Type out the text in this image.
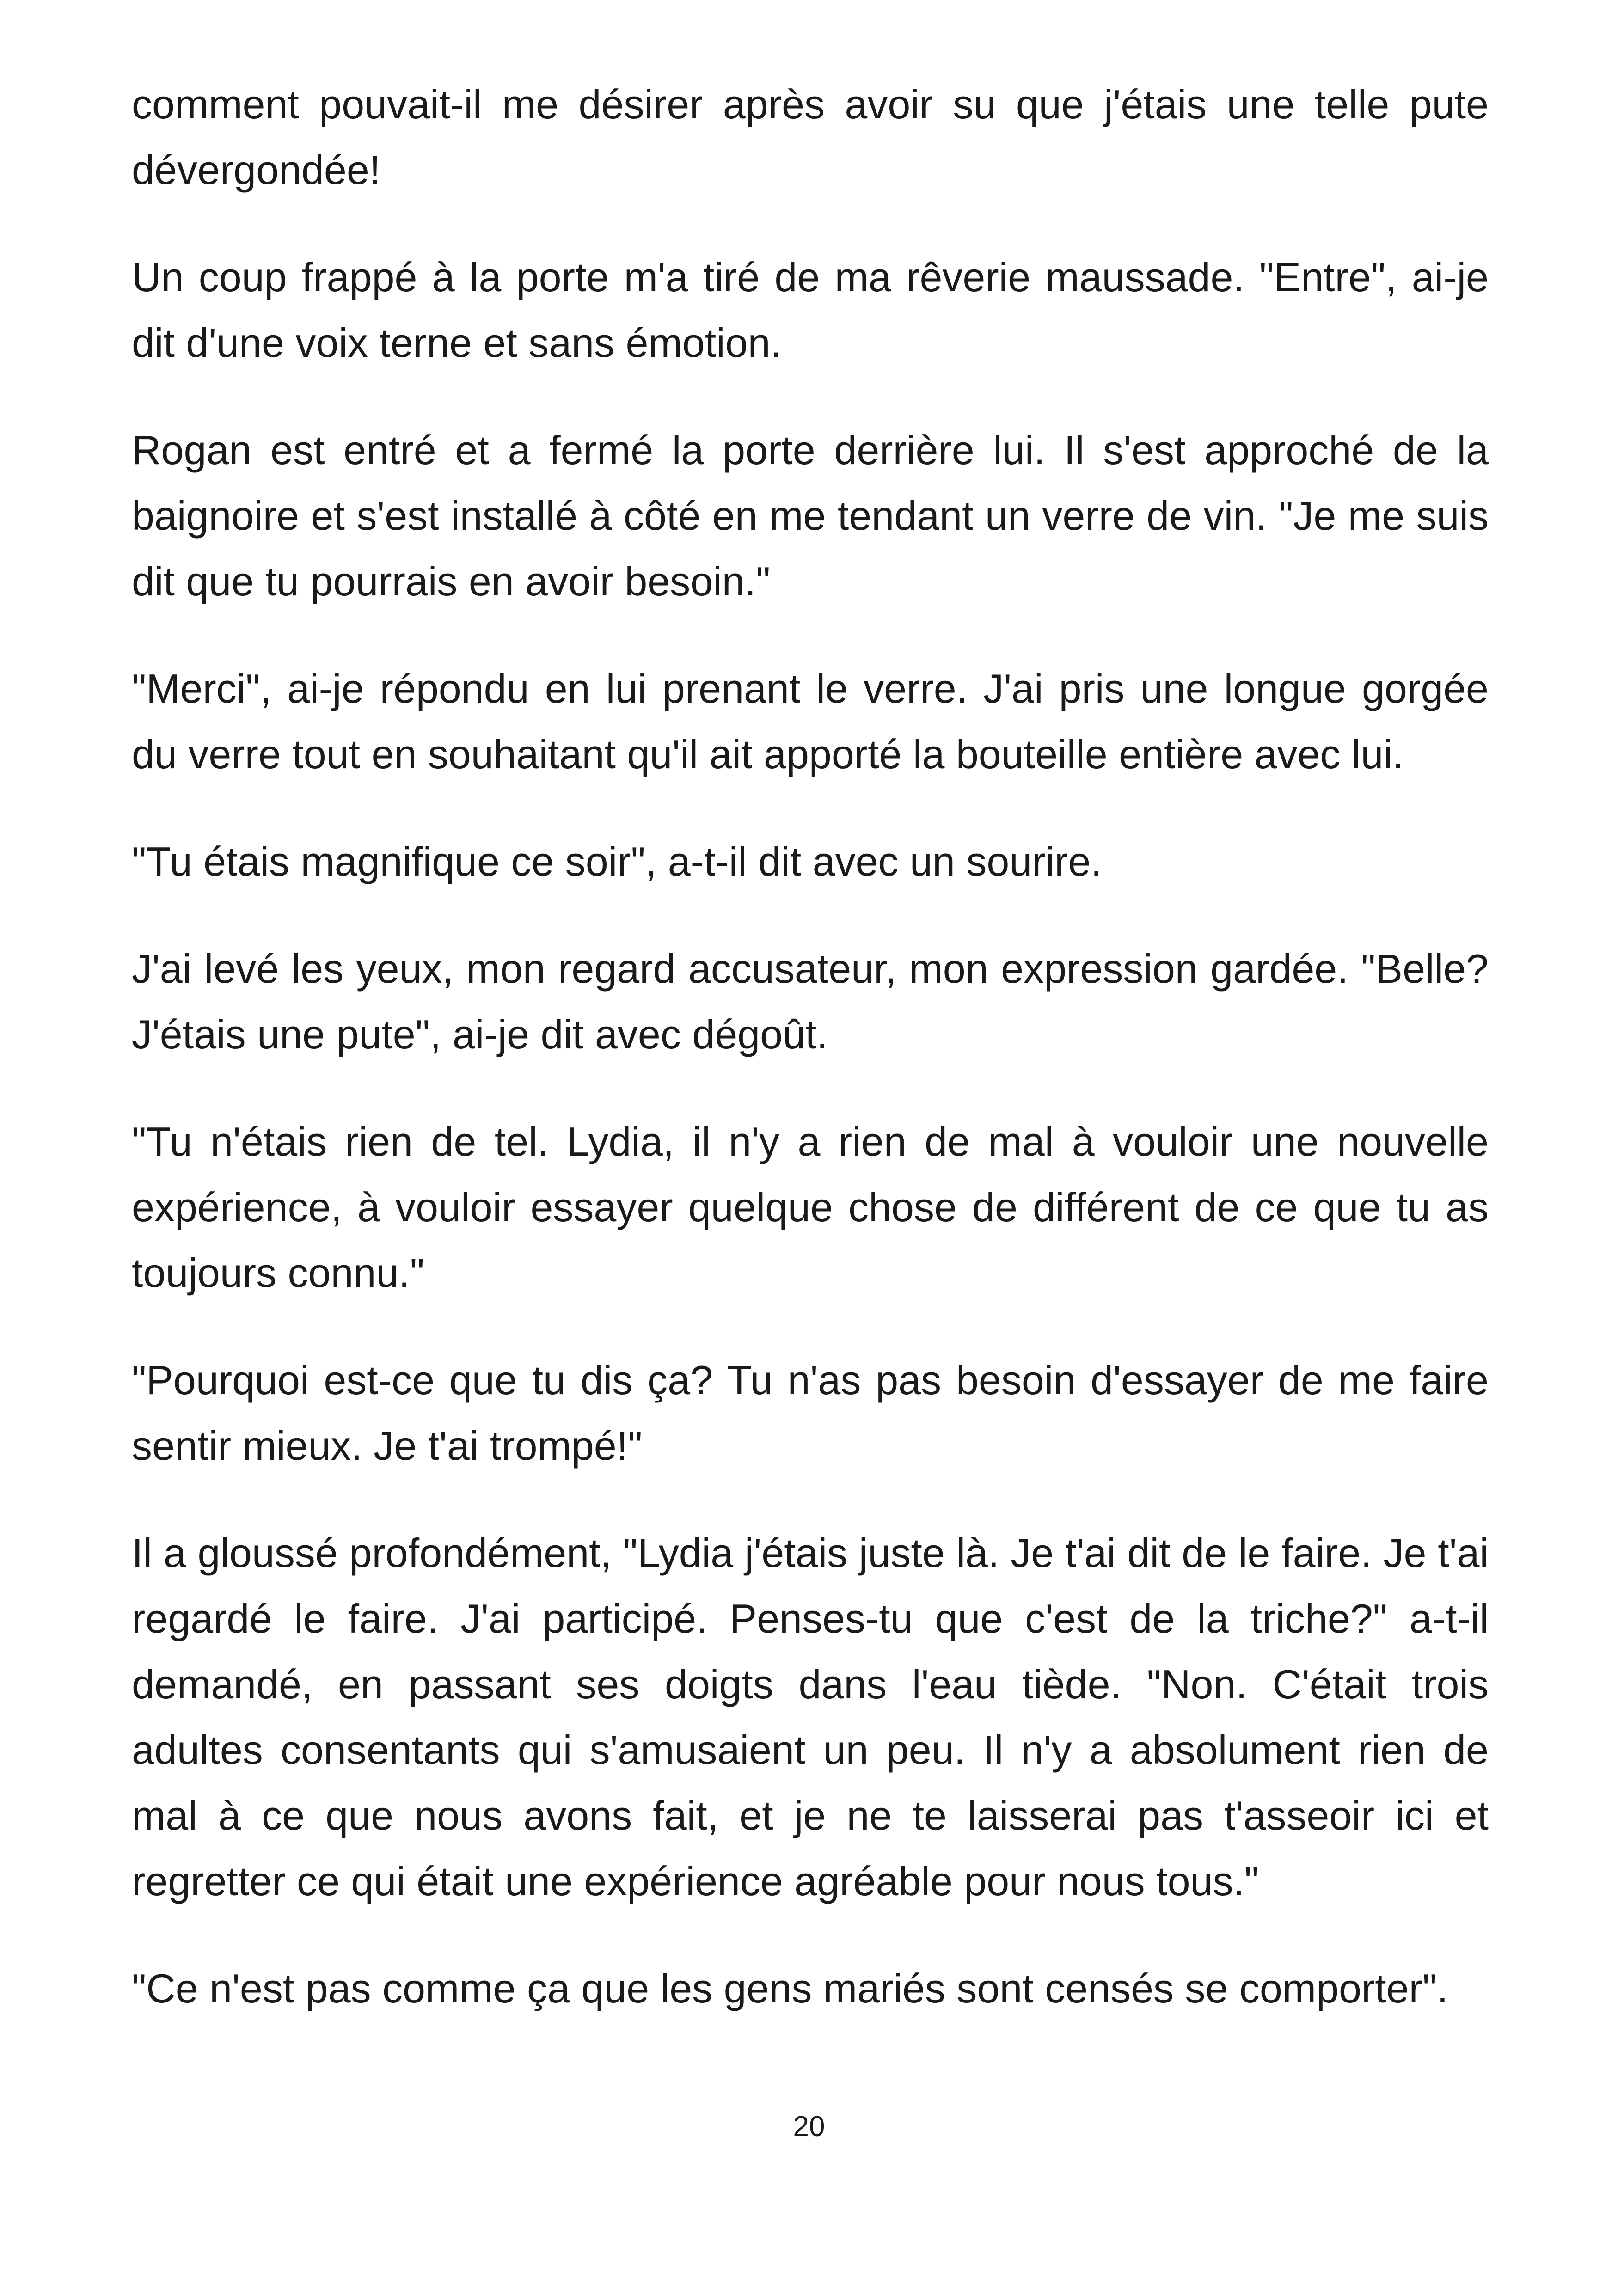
comment pouvait-il me désirer après avoir su que j'étais une telle pute dévergondée!

Un coup frappé à la porte m'a tiré de ma rêverie maussade. "Entre", ai-je dit d'une voix terne et sans émotion.

Rogan est entré et a fermé la porte derrière lui. Il s'est approché de la baignoire et s'est installé à côté en me tendant un verre de vin. "Je me suis dit que tu pourrais en avoir besoin."

"Merci", ai-je répondu en lui prenant le verre. J'ai pris une longue gorgée du verre tout en souhaitant qu'il ait apporté la bouteille entière avec lui.

"Tu étais magnifique ce soir", a-t-il dit avec un sourire.

J'ai levé les yeux, mon regard accusateur, mon expression gardée. "Belle? J'étais une pute", ai-je dit avec dégoût.

"Tu n'étais rien de tel. Lydia, il n'y a rien de mal à vouloir une nouvelle expérience, à vouloir essayer quelque chose de différent de ce que tu as toujours connu."

"Pourquoi est-ce que tu dis ça? Tu n'as pas besoin d'essayer de me faire sentir mieux. Je t'ai trompé!"

Il a gloussé profondément, "Lydia j'étais juste là. Je t'ai dit de le faire. Je t'ai regardé le faire. J'ai participé. Penses-tu que c'est de la triche?" a-t-il demandé, en passant ses doigts dans l'eau tiède. "Non. C'était trois adultes consentants qui s'amusaient un peu. Il n'y a absolument rien de mal à ce que nous avons fait, et je ne te laisserai pas t'asseoir ici et regretter ce qui était une expérience agréable pour nous tous."

"Ce n'est pas comme ça que les gens mariés sont censés se comporter".

20
